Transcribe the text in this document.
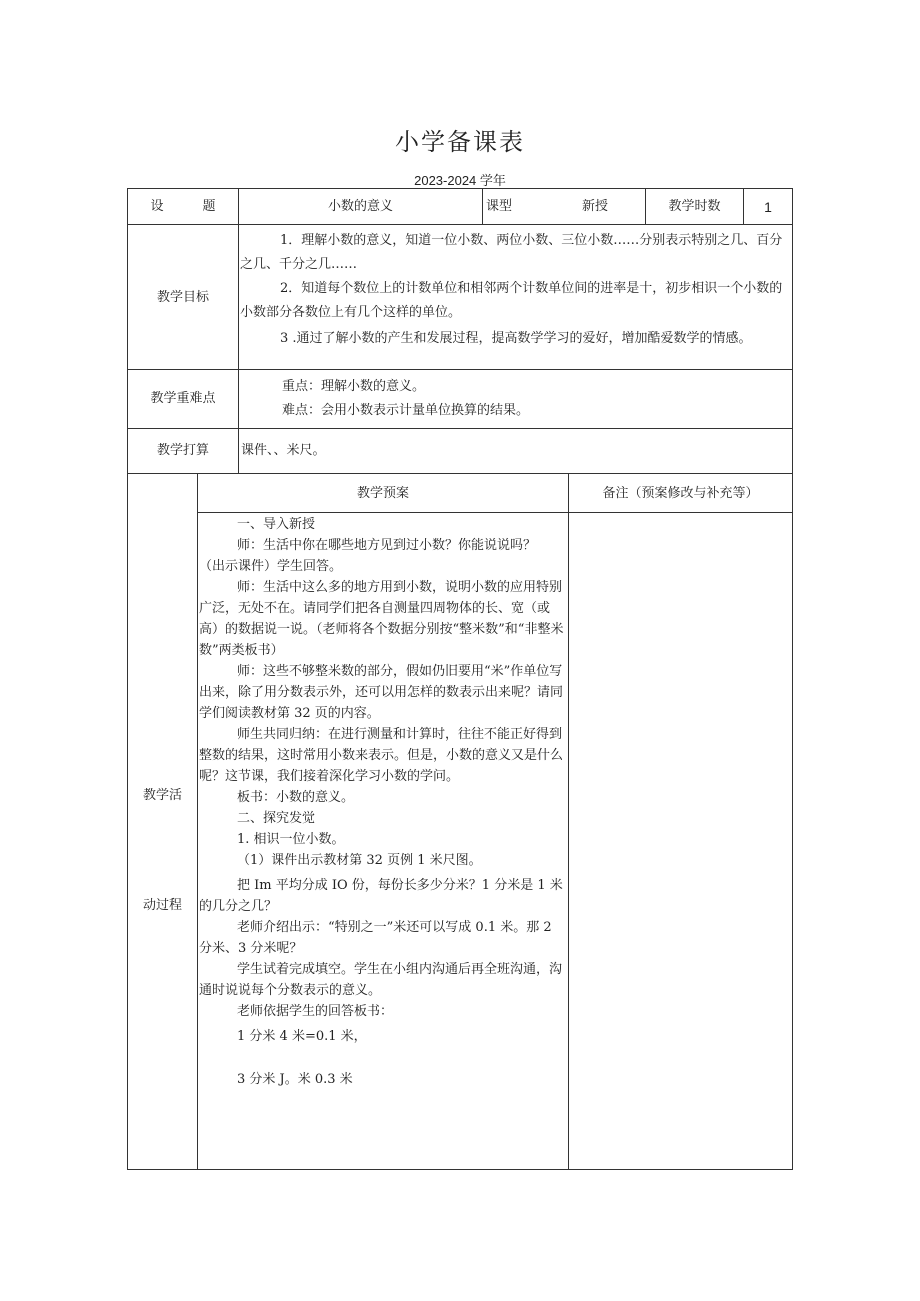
小学备课表
2023-2024 学年
设　　　题	小数的意义	课型	新授	教学时数	1
教学目标

1．理解小数的意义，知道一位小数、两位小数、三位小数……分别表示特别之几、百分之几、千分之几……

2．知道每个数位上的计数单位和相邻两个计数单位间的进率是十，初步相识一个小数的小数部分各数位上有几个这样的单位。

3 .通过了解小数的产生和发展过程，提高数学学习的爱好，增加酷爱数学的情感。

教学重难点
重点：理解小数的意义。
难点：会用小数表示计量单位换算的结果。
教学打算	课件、、米尺。
教学活
动过程
教学预案	备注（预案修改与补充等）

一、导入新授

师：生活中你在哪些地方见到过小数？你能说说吗？

（出示课件）学生回答。

师：生活中这么多的地方用到小数，说明小数的应用特别广泛，无处不在。请同学们把各自测量四周物体的长、宽（或高）的数据说一说。（老师将各个数据分别按“整米数”和“非整米数”两类板书）

师：这些不够整米数的部分，假如仍旧要用“米”作单位写出来，除了用分数表示外，还可以用怎样的数表示出来呢？请同学们阅读教材第 32 页的内容。

师生共同归纳：在进行测量和计算时，往往不能正好得到整数的结果，这时常用小数来表示。但是，小数的意义又是什么呢？这节课，我们接着深化学习小数的学问。

板书：小数的意义。

二、探究发觉

1. 相识一位小数。

（1）课件出示教材第 32 页例 1 米尺图。

把 Im 平均分成 IO 份，每份长多少分米？1 分米是 1 米的几分之几？

老师介绍出示：“特别之一”米还可以写成 0.1 米。那 2 分米、3 分米呢？

学生试着完成填空。学生在小组内沟通后再全班沟通，沟通时说说每个分数表示的意义。

老师依据学生的回答板书：

1 分米 4 米=0.1 米，

3 分米 J。米 0.3 米
